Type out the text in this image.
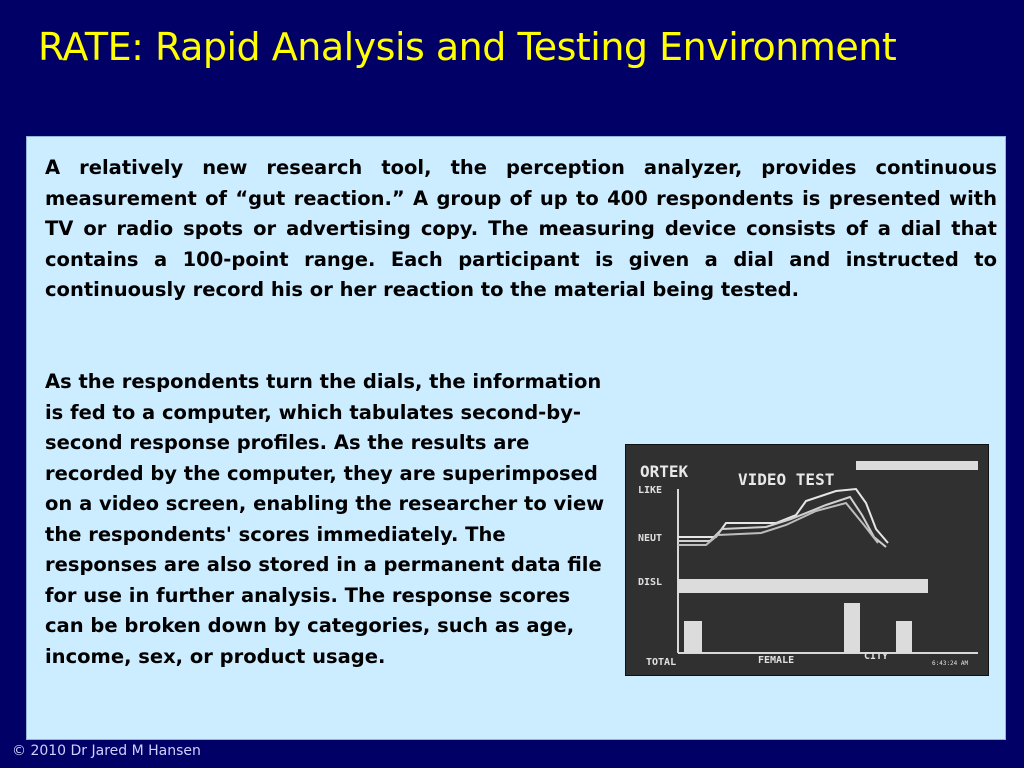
RATE: Rapid Analysis and Testing Environment
A relatively new research tool, the perception analyzer, provides continuous measurement of “gut reaction.” A group of up to 400 respondents is presented with TV or radio spots or advertising copy. The measuring device consists of a dial that contains a 100-point range. Each participant is given a dial and instructed to continuously record his or her reaction to the material being tested.
As the respondents turn the dials, the information is fed to a computer, which tabulates second-by-second response profiles. As the results are recorded by the computer, they are superimposed on a video screen, enabling the researcher to view the respondents' scores immediately. The responses are also stored in a permanent data file for use in further analysis. The response scores can be broken down by categories, such as age, income, sex, or product usage.
ORTEK	VIDEO TEST
LIKE
NEUT
DISL
TOTAL	FEMALE	CITY
6:43:24 AM
© 2010 Dr Jared M Hansen	8-29
